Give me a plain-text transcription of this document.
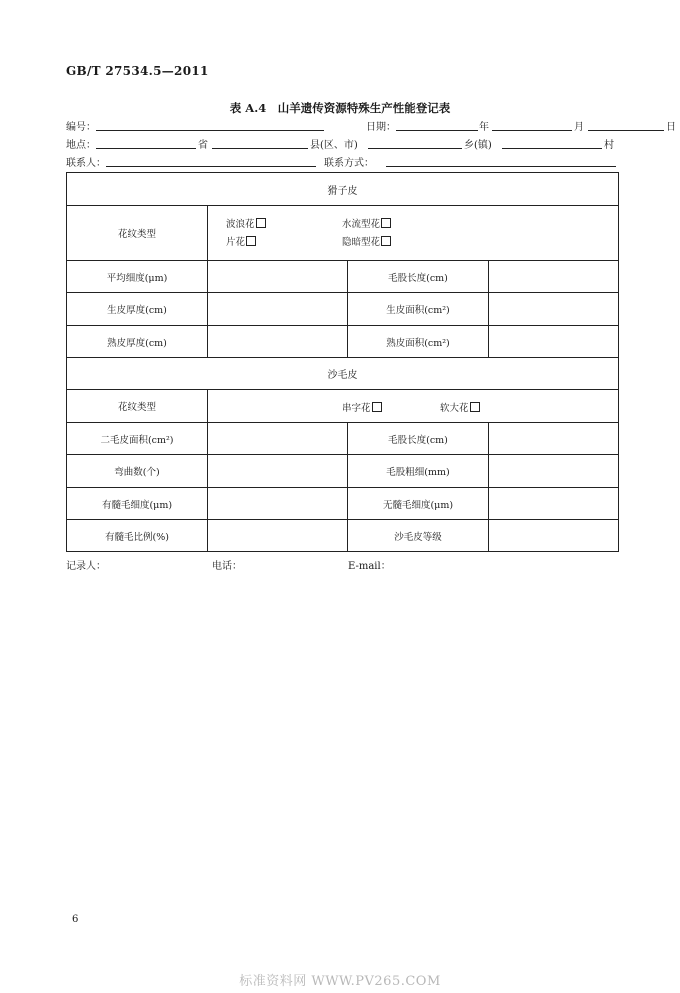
GB/T 27534.5—2011
表 A.4　山羊遗传资源特殊生产性能登记表
编号：	日期：	年	月	日
地点：	省	县(区、市)	乡(镇)	村
联系人：	联系方式：
猾子皮			
花纹类型	波浪花 水流型花
片花 隐暗型花		

平均细度(μm)		毛股长度(cm)	
生皮厚度(cm)		生皮面积(cm²)	
熟皮厚度(cm)		熟皮面积(cm²)	
沙毛皮			
花纹类型	串字花 软大花		

二毛皮面积(cm²)		毛股长度(cm)	
弯曲数(个)		毛股粗细(mm)	
有髓毛细度(μm)		无髓毛细度(μm)	
有髓毛比例(%)		沙毛皮等级	
记录人：	电话：	E-mail：
6
标准资料网 WWW.PV265.COM
